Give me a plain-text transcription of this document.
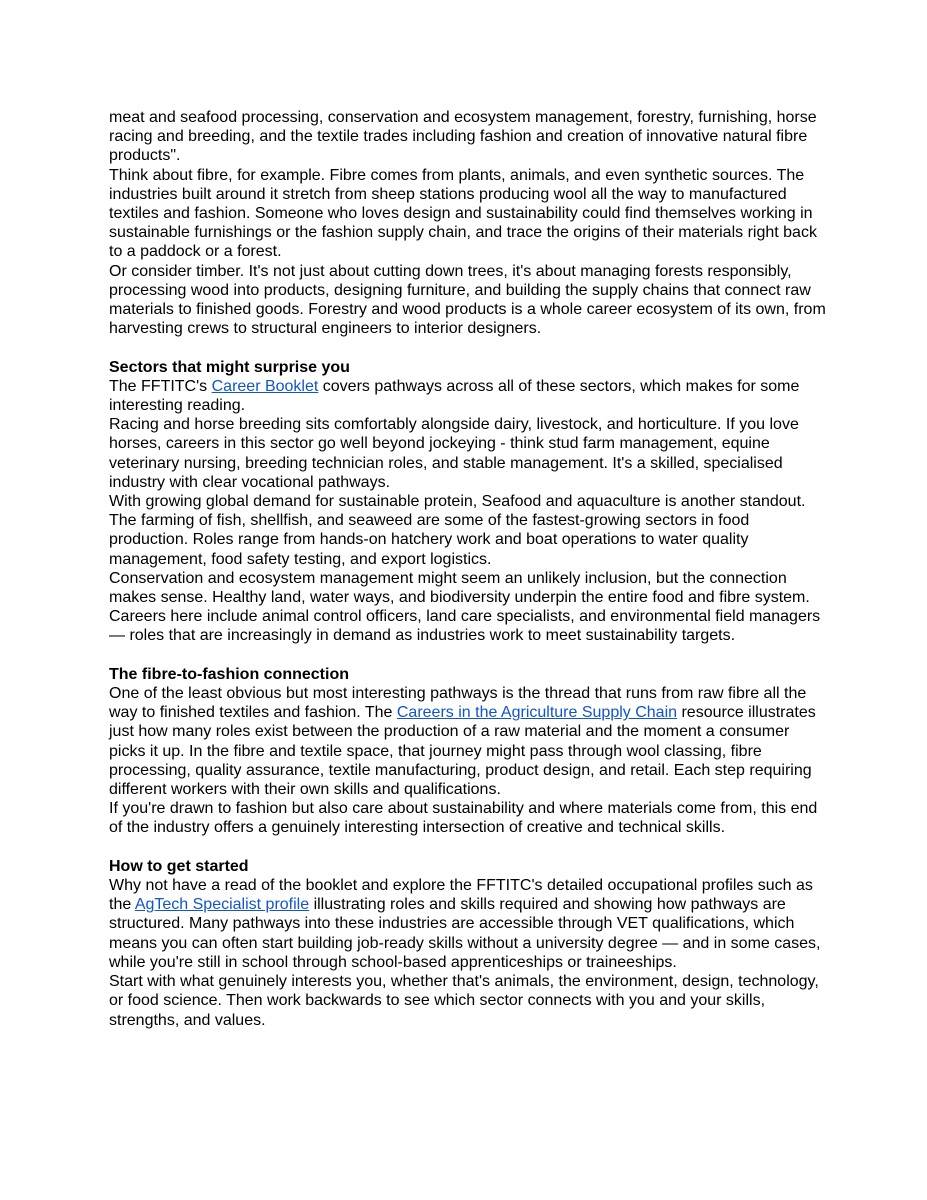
meat and seafood processing, conservation and ecosystem management, forestry, furnishing, horse racing and breeding, and the textile trades including fashion and creation of innovative natural fibre products".

Think about fibre, for example. Fibre comes from plants, animals, and even synthetic sources. The industries built around it stretch from sheep stations producing wool all the way to manufactured textiles and fashion. Someone who loves design and sustainability could find themselves working in sustainable furnishings or the fashion supply chain, and trace the origins of their materials right back to a paddock or a forest.

Or consider timber. It's not just about cutting down trees, it's about managing forests responsibly, processing wood into products, designing furniture, and building the supply chains that connect raw materials to finished goods. Forestry and wood products is a whole career ecosystem of its own, from harvesting crews to structural engineers to interior designers.

Sectors that might surprise you

The FFTITC's Career Booklet covers pathways across all of these sectors, which makes for some interesting reading.

Racing and horse breeding sits comfortably alongside dairy, livestock, and horticulture. If you love horses, careers in this sector go well beyond jockeying - think stud farm management, equine veterinary nursing, breeding technician roles, and stable management. It's a skilled, specialised industry with clear vocational pathways.

With growing global demand for sustainable protein, Seafood and aquaculture is another standout. The farming of fish, shellfish, and seaweed are some of the fastest-growing sectors in food production. Roles range from hands-on hatchery work and boat operations to water quality management, food safety testing, and export logistics.

Conservation and ecosystem management might seem an unlikely inclusion, but the connection makes sense. Healthy land, water ways, and biodiversity underpin the entire food and fibre system. Careers here include animal control officers, land care specialists, and environmental field managers — roles that are increasingly in demand as industries work to meet sustainability targets.

The fibre-to-fashion connection

One of the least obvious but most interesting pathways is the thread that runs from raw fibre all the way to finished textiles and fashion. The Careers in the Agriculture Supply Chain resource illustrates just how many roles exist between the production of a raw material and the moment a consumer picks it up. In the fibre and textile space, that journey might pass through wool classing, fibre processing, quality assurance, textile manufacturing, product design, and retail. Each step requiring different workers with their own skills and qualifications.

If you're drawn to fashion but also care about sustainability and where materials come from, this end of the industry offers a genuinely interesting intersection of creative and technical skills.

How to get started

Why not have a read of the booklet and explore the FFTITC's detailed occupational profiles such as the AgTech Specialist profile illustrating roles and skills required and showing how pathways are structured. Many pathways into these industries are accessible through VET qualifications, which means you can often start building job-ready skills without a university degree — and in some cases, while you're still in school through school-based apprenticeships or traineeships.

Start with what genuinely interests you, whether that's animals, the environment, design, technology, or food science. Then work backwards to see which sector connects with you and your skills, strengths, and values.
